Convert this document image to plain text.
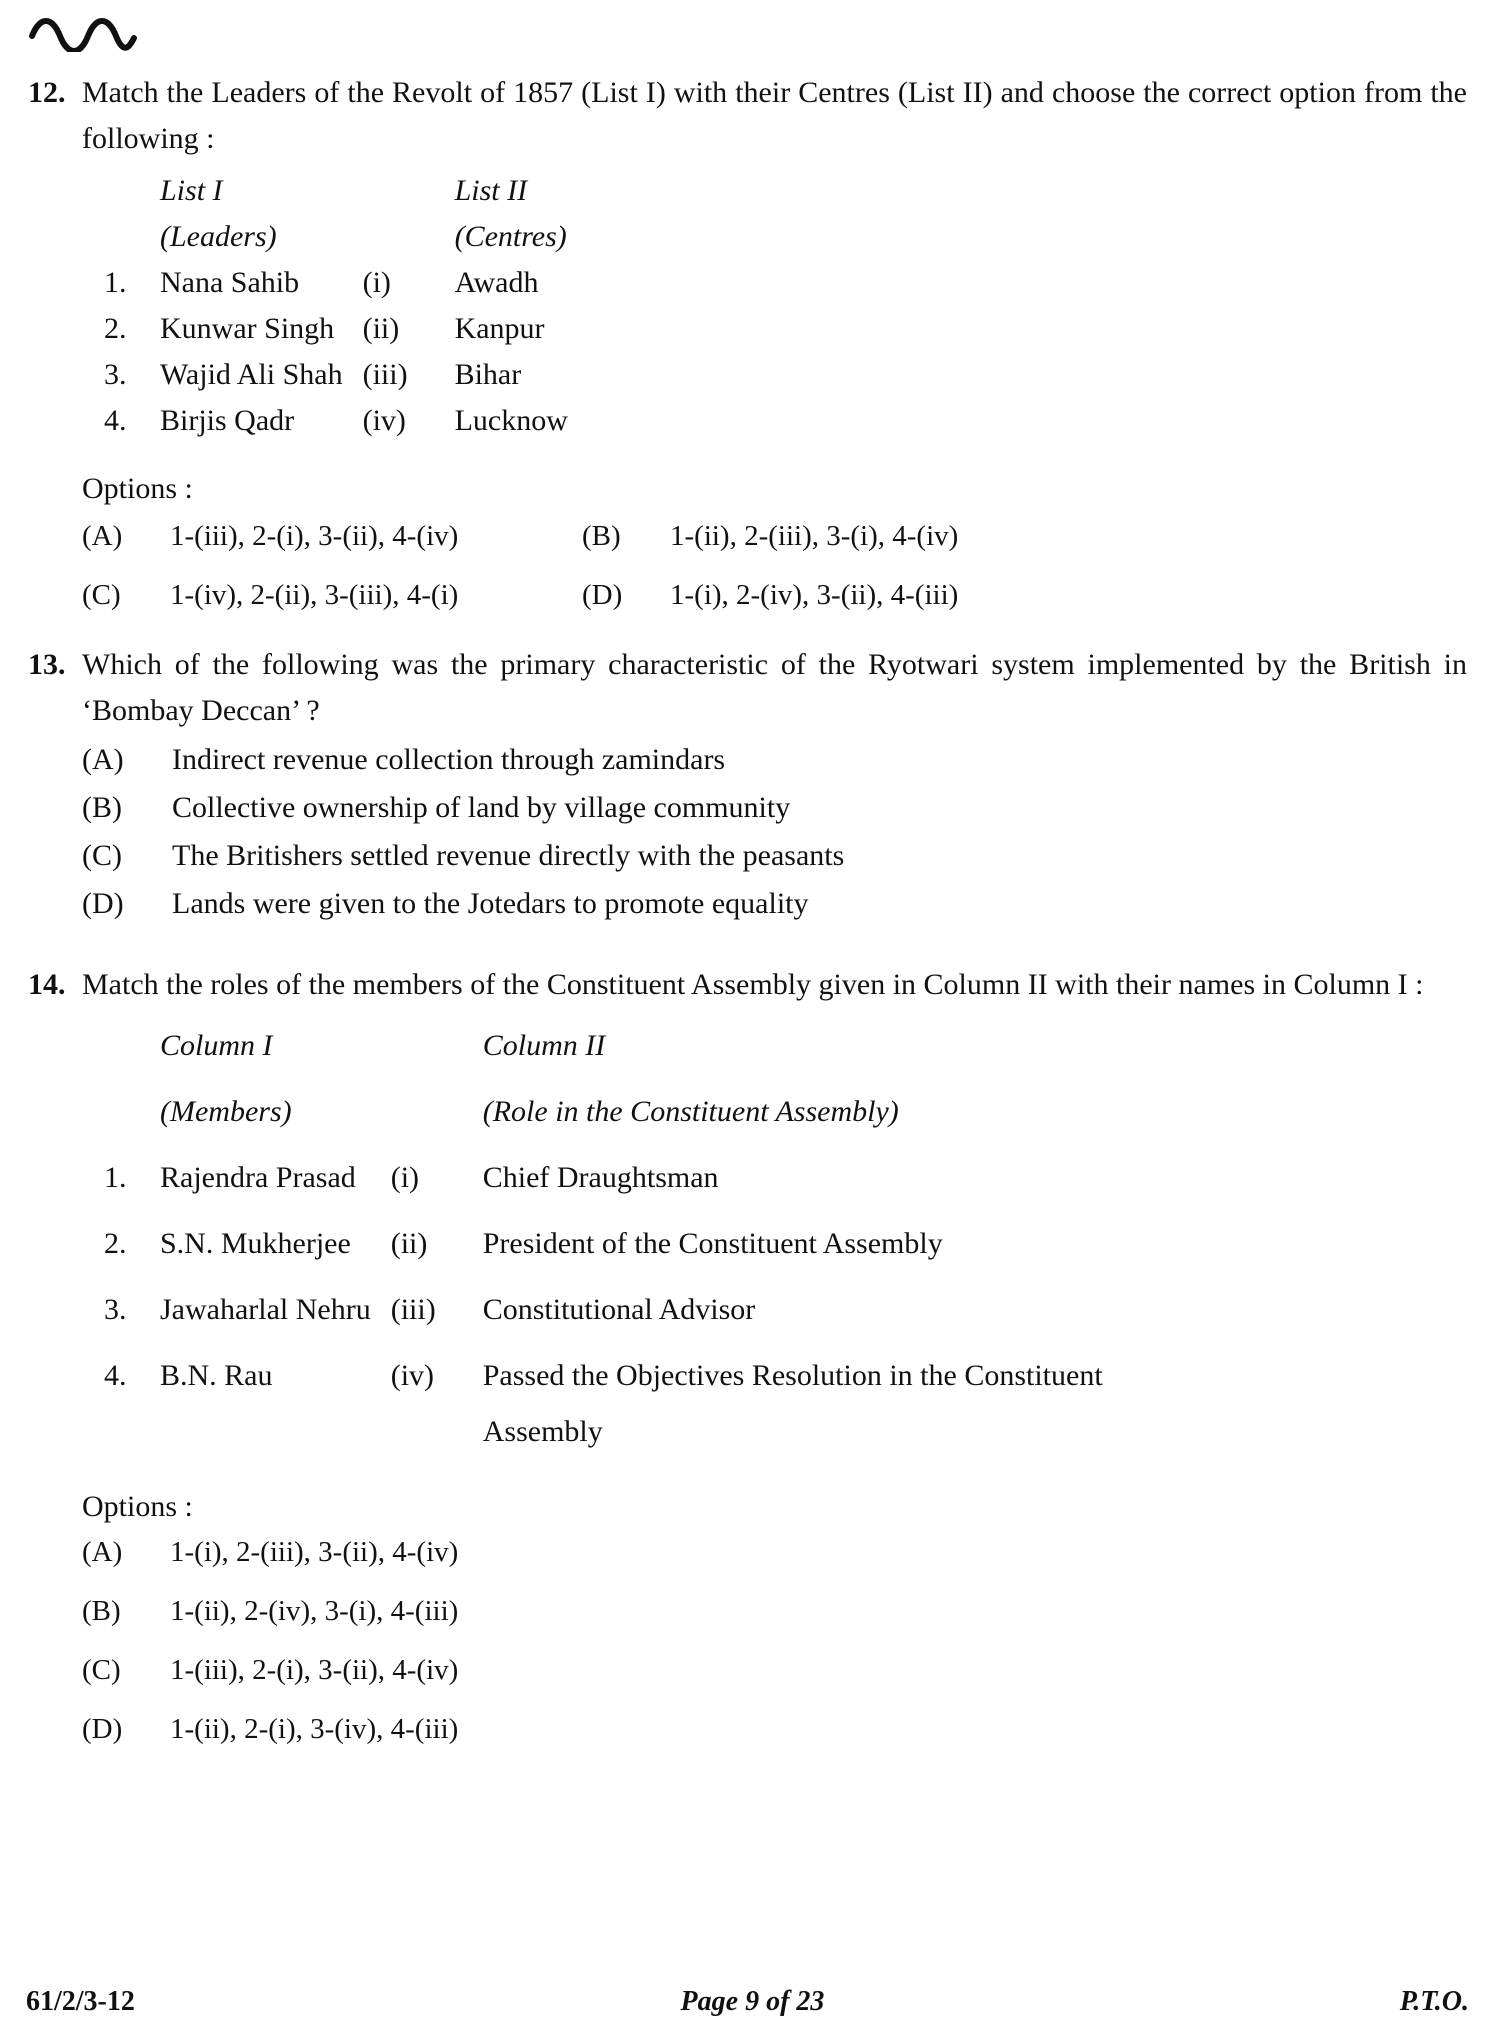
12. Match the Leaders of the Revolt of 1857 (List I) with their Centres (List II) and choose the correct option from the following :

	List I		List II
	(Leaders)		(Centres)
1.	Nana Sahib	(i)	Awadh
2.	Kunwar Singh	(ii)	Kanpur
3.	Wajid Ali Shah	(iii)	Bihar
4.	Birjis Qadr	(iv)	Lucknow
Options :
(A)	1-(iii), 2-(i), 3-(ii), 4-(iv)	(B)	1-(ii), 2-(iii), 3-(i), 4-(iv)
(C)	1-(iv), 2-(ii), 3-(iii), 4-(i)	(D)	1-(i), 2-(iv), 3-(ii), 4-(iii)
13. Which of the following was the primary characteristic of the Ryotwari system implemented by the British in ‘Bombay Deccan’ ?

(A)	Indirect revenue collection through zamindars
(B)	Collective ownership of land by village community
(C)	The Britishers settled revenue directly with the peasants
(D)	Lands were given to the Jotedars to promote equality
14. Match the roles of the members of the Constituent Assembly given in Column II with their names in Column I :

	Column I		Column II
	(Members)		(Role in the Constituent Assembly)
1.	Rajendra Prasad	(i)	Chief Draughtsman
2.	S.N. Mukherjee	(ii)	President of the Constituent Assembly
3.	Jawaharlal Nehru	(iii)	Constitutional Advisor
4.	B.N. Rau	(iv)	Passed the Objectives Resolution in the Constituent Assembly
Options :
(A)	1-(i), 2-(iii), 3-(ii), 4-(iv)
(B)	1-(ii), 2-(iv), 3-(i), 4-(iii)
(C)	1-(iii), 2-(i), 3-(ii), 4-(iv)
(D)	1-(ii), 2-(i), 3-(iv), 4-(iii)
61/2/3-12	Page 9 of 23	P.T.O.
